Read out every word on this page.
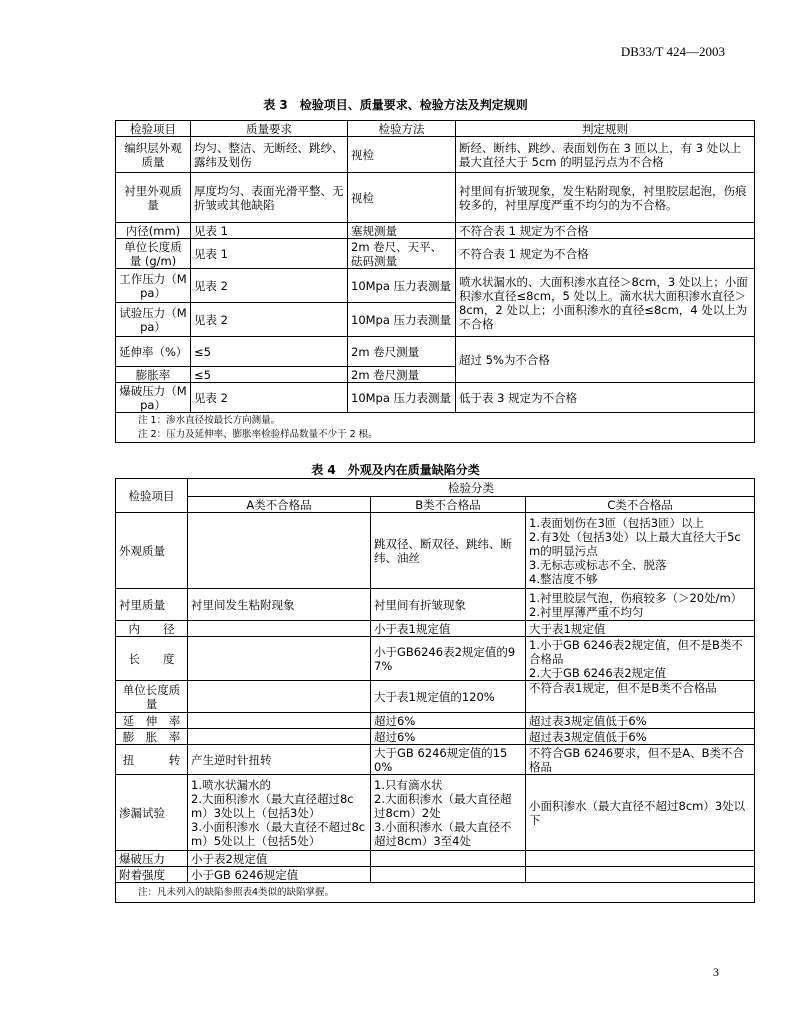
DB33/T 424—2003
表 3　检验项目、质量要求、检验方法及判定规则
检验项目	质量要求	检验方法	判定规则
编织层外观质量	均匀、整洁、无断经、跳纱、露纬及划伤	视检	断经、断纬、跳纱、表面划伤在 3 匝以上，有 3 处以上最大直径大于 5cm 的明显污点为不合格
衬里外观质量	厚度均匀、表面光滑平整、无折皱或其他缺陷	视检	衬里间有折皱现象，发生粘附现象，衬里胶层起泡，伤痕较多的，衬里厚度严重不均匀的为不合格。
内径(mm)	见表 1	塞规测量	不符合表 1 规定为不合格
单位长度质量 (g/m)	见表 1	2m 卷尺、天平、砝码测量	不符合表 1 规定为不合格
工作压力（Mpa）	见表 2	10Mpa 压力表测量	喷水状漏水的、大面积渗水直径＞8cm，3 处以上；小面积渗水直径≤8cm，5 处以上。滴水状大面积渗水直径＞8cm，2 处以上；小面积渗水的直径≤8cm，4 处以上为不合格
试验压力（Mpa）	见表 2	10Mpa 压力表测量	
延伸率（%）	≤5	2m 卷尺测量	超过 5%为不合格
膨胀率	≤5	2m 卷尺测量	
爆破压力（Mpa）	见表 2	10Mpa 压力表测量	低于表 3 规定为不合格

注 1：渗水直径按最长方向测量。
注 2：压力及延伸率、膨胀率检验样品数量不少于 2 根。			
表 4　外观及内在质量缺陷分类
检验项目	检验分类		
	A类不合格品	B类不合格品	C类不合格品
外观质量		跳双径、断双径、跳纬、断纬、油丝	1.表面划伤在3匝（包括3匝）以上
2.有3处（包括3处）以上最大直径大于5cm的明显污点
3.无标志或标志不全、脱落
4.整洁度不够

衬里质量	衬里间发生粘附现象	衬里间有折皱现象	1.衬里胶层气泡，伤痕较多（＞20处/m）
2.衬里厚薄严重不均匀

内　　径		小于表1规定值	大于表1规定值
长　　度		小于GB6246表2规定值的97%	1.小于GB 6246表2规定值，但不是B类不合格品
2.大于GB 6246表2规定值

单位长度质量		大于表1规定值的120%	不符合表1规定，但不是B类不合格品
延　伸　率		超过6%	超过表3规定值低于6%
膨　胀　率		超过6%	超过表3规定值低于6%
扭　　　转	产生逆时针扭转	大于GB 6246规定值的150%	不符合GB 6246要求，但不是A、B类不合格品
渗漏试验	1.喷水状漏水的
2.大面积渗水（最大直径超过8cm）3处以上（包括3处）
3.小面积渗水（最大直径不超过8cm）5处以上（包括5处）	1.只有滴水状
2.大面积渗水（最大直径超过8cm）2处
3.小面积渗水（最大直径不超过8cm）3至4处	小面积渗水（最大直径不超过8cm）3处以下
爆破压力	小于表2规定值		
附着强度	小于GB 6246规定值		
注：凡未列入的缺陷参照表4类似的缺陷掌握。			
3
